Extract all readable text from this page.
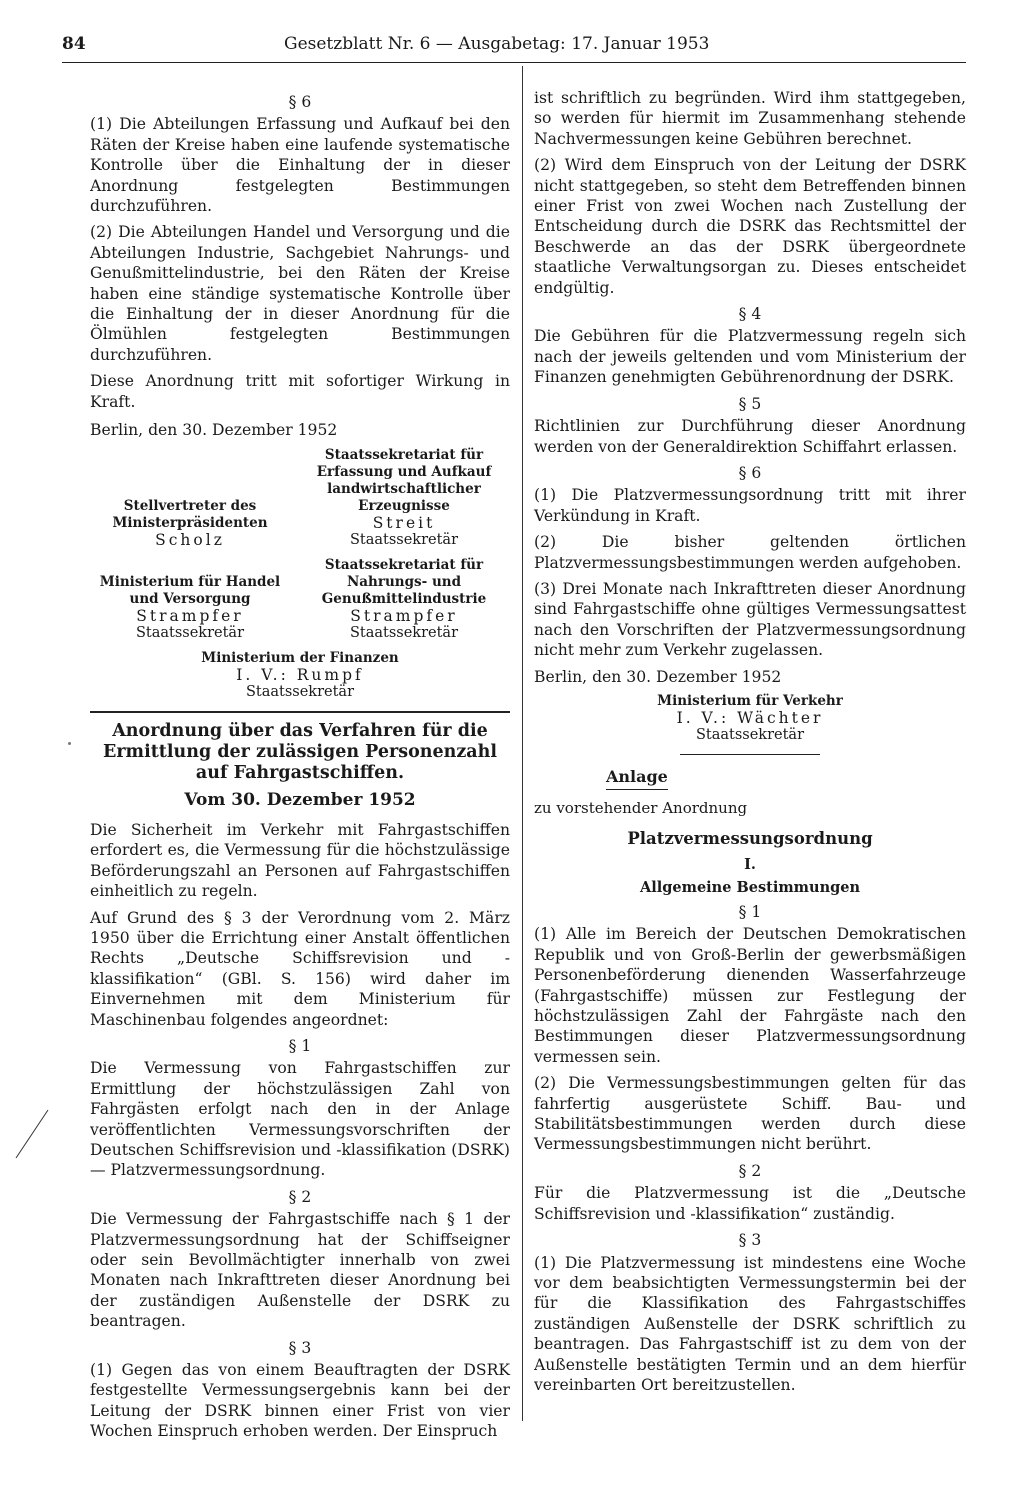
84	Gesetzblatt Nr. 6 — Ausgabetag: 17. Januar 1953
§ 6

(1) Die Abteilungen Erfassung und Aufkauf bei den Räten der Kreise haben eine laufende systematische Kontrolle über die Einhaltung der in dieser Anordnung festgelegten Bestimmungen durchzuführen.

(2) Die Abteilungen Handel und Versorgung und die Abteilungen Industrie, Sachgebiet Nahrungs- und Genußmittelindustrie, bei den Räten der Kreise haben eine ständige systematische Kontrolle über die Einhaltung der in dieser Anordnung für die Ölmühlen festgelegten Bestimmungen durchzuführen.

Diese Anordnung tritt mit sofortiger Wirkung in Kraft.

Berlin, den 30. Dezember 1952

Stellvertreter des Ministerpräsidenten
Scholz
Staatssekretariat für Erfassung und Aufkauf landwirtschaftlicher Erzeugnisse
Streit
Staatssekretär
Ministerium für Handel und Versorgung
Strampfer
Staatssekretär
Staatssekretariat für Nahrungs- und Genußmittelindustrie
Strampfer
Staatssekretär
Ministerium der Finanzen
I. V.: Rumpf
Staatssekretär
Anordnung über das Verfahren für die Ermittlung der zulässigen Personenzahl auf Fahrgastschiffen.
Vom 30. Dezember 1952

Die Sicherheit im Verkehr mit Fahrgastschiffen erfordert es, die Vermessung für die höchstzulässige Beförderungszahl an Personen auf Fahrgastschiffen einheitlich zu regeln.

Auf Grund des § 3 der Verordnung vom 2. März 1950 über die Errichtung einer Anstalt öffentlichen Rechts „Deutsche Schiffsrevision und -klassifikation“ (GBl. S. 156) wird daher im Einvernehmen mit dem Ministerium für Maschinenbau folgendes angeordnet:

§ 1

Die Vermessung von Fahrgastschiffen zur Ermittlung der höchstzulässigen Zahl von Fahrgästen erfolgt nach den in der Anlage veröffentlichten Vermessungsvorschriften der Deutschen Schiffsrevision und -klassifikation (DSRK) — Platzvermessungsordnung.

§ 2

Die Vermessung der Fahrgastschiffe nach § 1 der Platzvermessungsordnung hat der Schiffseigner oder sein Bevollmächtigter innerhalb von zwei Monaten nach Inkrafttreten dieser Anordnung bei der zuständigen Außenstelle der DSRK zu beantragen.

§ 3

(1) Gegen das von einem Beauftragten der DSRK festgestellte Vermessungsergebnis kann bei der Leitung der DSRK binnen einer Frist von vier Wochen Einspruch erhoben werden. Der Einspruch

ist schriftlich zu begründen. Wird ihm stattgegeben, so werden für hiermit im Zusammenhang stehende Nachvermessungen keine Gebühren berechnet.

(2) Wird dem Einspruch von der Leitung der DSRK nicht stattgegeben, so steht dem Betreffenden binnen einer Frist von zwei Wochen nach Zustellung der Entscheidung durch die DSRK das Rechtsmittel der Beschwerde an das der DSRK übergeordnete staatliche Verwaltungsorgan zu. Dieses entscheidet endgültig.

§ 4

Die Gebühren für die Platzvermessung regeln sich nach der jeweils geltenden und vom Ministerium der Finanzen genehmigten Gebührenordnung der DSRK.

§ 5

Richtlinien zur Durchführung dieser Anordnung werden von der Generaldirektion Schiffahrt erlassen.

§ 6

(1) Die Platzvermessungsordnung tritt mit ihrer Verkündung in Kraft.

(2) Die bisher geltenden örtlichen Platzvermessungsbestimmungen werden aufgehoben.

(3) Drei Monate nach Inkrafttreten dieser Anordnung sind Fahrgastschiffe ohne gültiges Vermessungsattest nach den Vorschriften der Platzvermessungsordnung nicht mehr zum Verkehr zugelassen.

Berlin, den 30. Dezember 1952

Ministerium für Verkehr
I. V.: Wächter
Staatssekretär
Anlage
zu vorstehender Anordnung
Platzvermessungsordnung
I.
Allgemeine Bestimmungen
§ 1

(1) Alle im Bereich der Deutschen Demokratischen Republik und von Groß-Berlin der gewerbsmäßigen Personenbeförderung dienenden Wasserfahrzeuge (Fahrgastschiffe) müssen zur Festlegung der höchstzulässigen Zahl der Fahrgäste nach den Bestimmungen dieser Platzvermessungsordnung vermessen sein.

(2) Die Vermessungsbestimmungen gelten für das fahrfertig ausgerüstete Schiff. Bau- und Stabilitätsbestimmungen werden durch diese Vermessungsbestimmungen nicht berührt.

§ 2

Für die Platzvermessung ist die „Deutsche Schiffsrevision und -klassifikation“ zuständig.

§ 3

(1) Die Platzvermessung ist mindestens eine Woche vor dem beabsichtigten Vermessungstermin bei der für die Klassifikation des Fahrgastschiffes zuständigen Außenstelle der DSRK schriftlich zu beantragen. Das Fahrgastschiff ist zu dem von der Außenstelle bestätigten Termin und an dem hierfür vereinbarten Ort bereitzustellen.
